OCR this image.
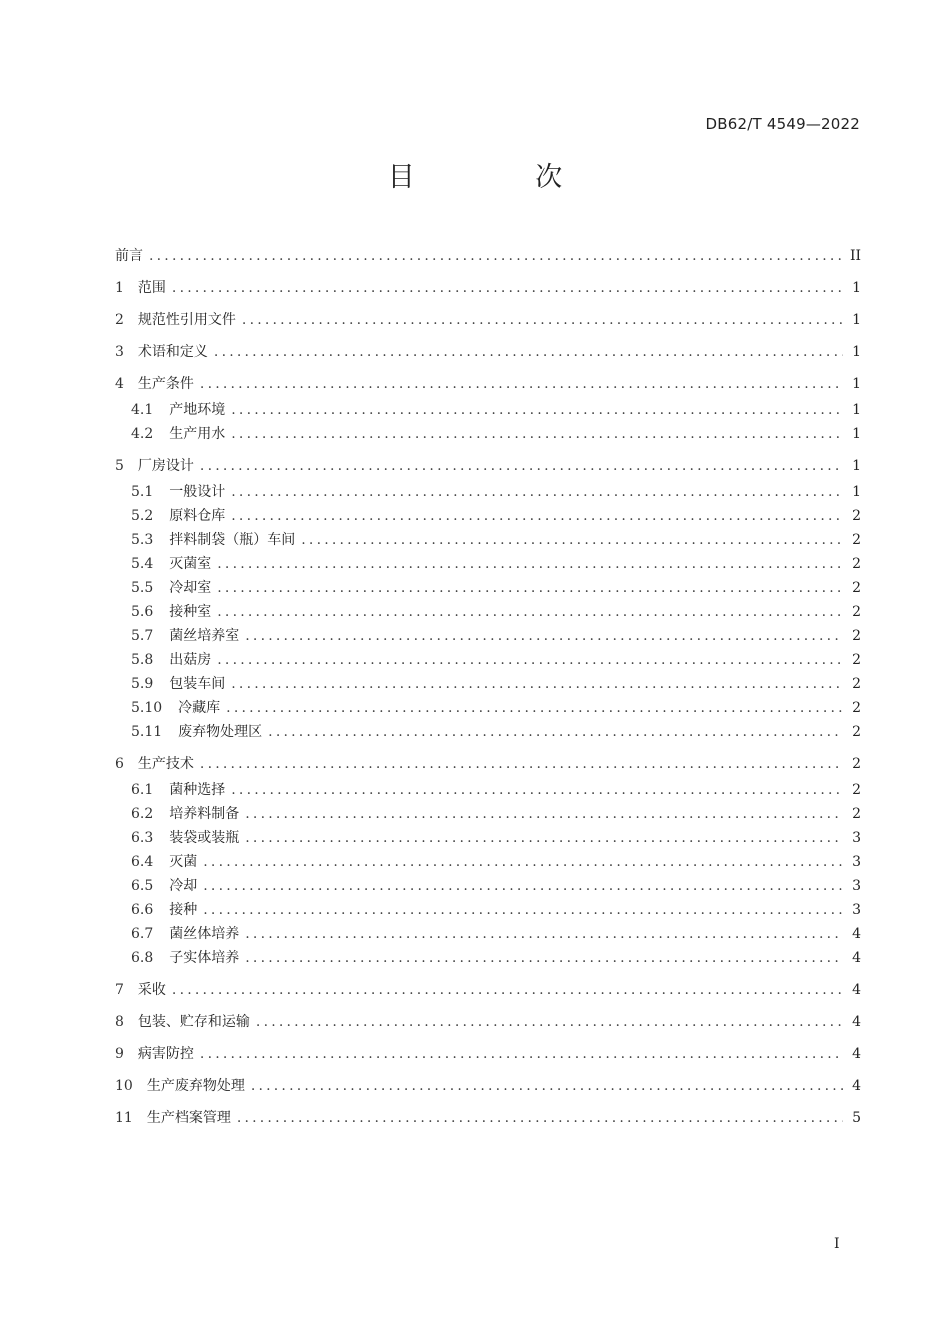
DB62/T 4549—2022
目 次
前言 .....	II
1 范围 .....	1
2 规范性引用文件 .....	1
3 术语和定义 .....	1
4 生产条件 .....	1
4.1 产地环境 .....	1
4.2 生产用水 .....	1
5 厂房设计 .....	1
5.1 一般设计 .....	1
5.2 原料仓库 .....	2
5.3 拌料制袋（瓶）车间 .....	2
5.4 灭菌室 .....	2
5.5 冷却室 .....	2
5.6 接种室 .....	2
5.7 菌丝培养室 .....	2
5.8 出菇房 .....	2
5.9 包装车间 .....	2
5.10 冷藏库 .....	2
5.11 废弃物处理区 .....	2
6 生产技术 .....	2
6.1 菌种选择 .....	2
6.2 培养料制备 .....	2
6.3 装袋或装瓶 .....	3
6.4 灭菌 .....	3
6.5 冷却 .....	3
6.6 接种 .....	3
6.7 菌丝体培养 .....	4
6.8 子实体培养 .....	4
7 采收 .....	4
8 包装、贮存和运输 .....	4
9 病害防控 .....	4
10 生产废弃物处理 .....	4
11 生产档案管理 .....	5
I
